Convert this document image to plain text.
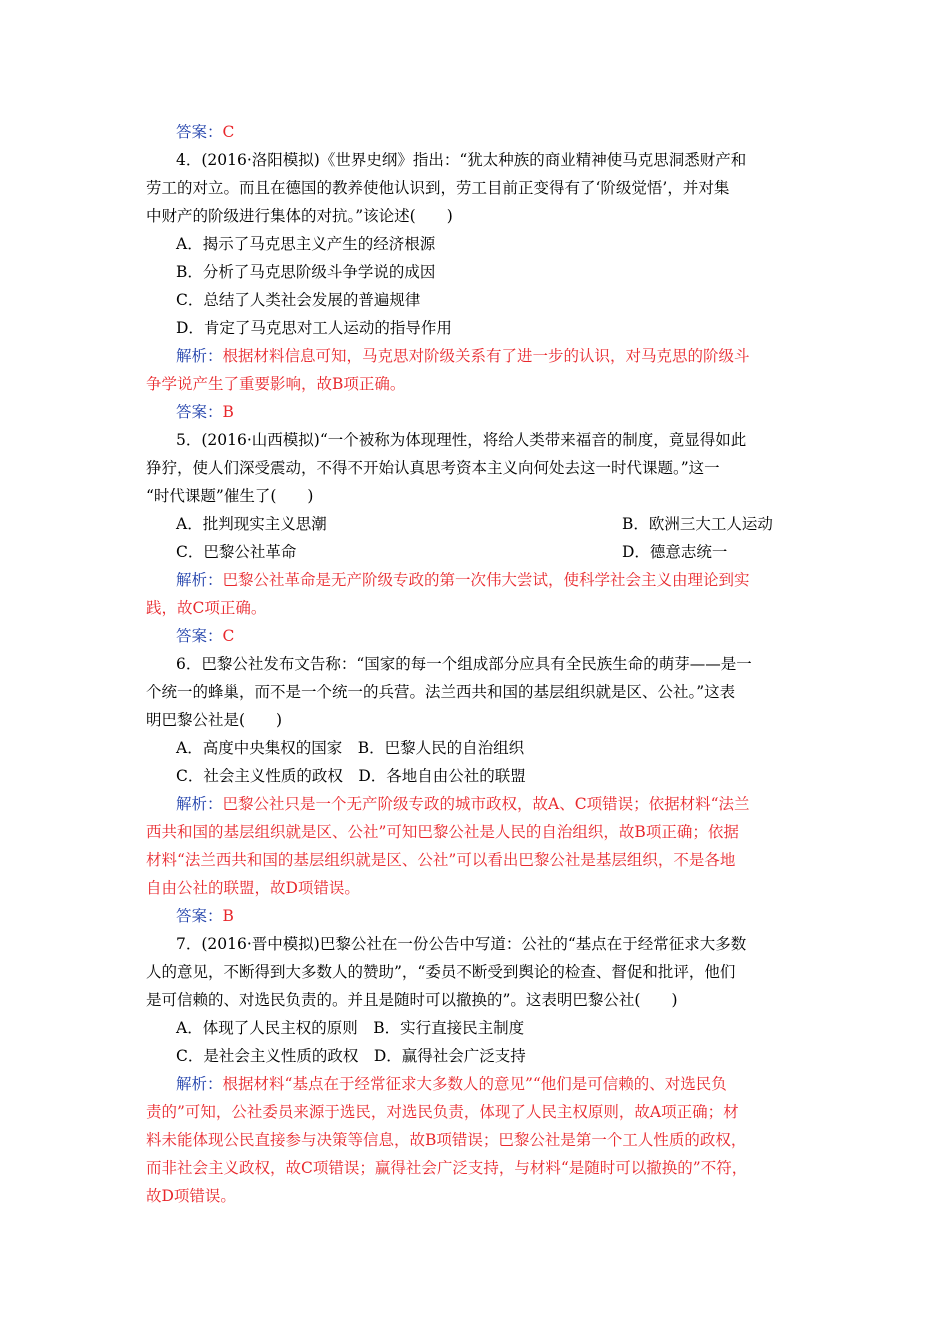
答案：C
4．(2016·洛阳模拟)《世界史纲》指出：“犹太种族的商业精神使马克思洞悉财产和
劳工的对立。而且在德国的教养使他认识到，劳工目前正变得有了‘阶级觉悟’，并对集
中财产的阶级进行集体的对抗。”该论述(　　)
A．揭示了马克思主义产生的经济根源
B．分析了马克思阶级斗争学说的成因
C．总结了人类社会发展的普遍规律
D．肯定了马克思对工人运动的指导作用
解析：根据材料信息可知，马克思对阶级关系有了进一步的认识，对马克思的阶级斗
争学说产生了重要影响，故B项正确。
答案：B
5．(2016·山西模拟)“一个被称为体现理性，将给人类带来福音的制度，竟显得如此
狰狞，使人们深受震动，不得不开始认真思考资本主义向何处去这一时代课题。”这一
“时代课题”催生了(　　)
A．批判现实主义思潮	B．欧洲三大工人运动
C．巴黎公社革命	D．德意志统一
解析：巴黎公社革命是无产阶级专政的第一次伟大尝试，使科学社会主义由理论到实
践，故C项正确。
答案：C
6．巴黎公社发布文告称：“国家的每一个组成部分应具有全民族生命的萌芽——是一
个统一的蜂巢，而不是一个统一的兵营。法兰西共和国的基层组织就是区、公社。”这表
明巴黎公社是(　　)
A．高度中央集权的国家　B．巴黎人民的自治组织
C．社会主义性质的政权　D．各地自由公社的联盟
解析：巴黎公社只是一个无产阶级专政的城市政权，故A、C项错误；依据材料“法兰
西共和国的基层组织就是区、公社”可知巴黎公社是人民的自治组织，故B项正确；依据
材料“法兰西共和国的基层组织就是区、公社”可以看出巴黎公社是基层组织，不是各地
自由公社的联盟，故D项错误。
答案：B
7．(2016·晋中模拟)巴黎公社在一份公告中写道：公社的“基点在于经常征求大多数
人的意见，不断得到大多数人的赞助”，“委员不断受到舆论的检查、督促和批评，他们
是可信赖的、对选民负责的。并且是随时可以撤换的”。这表明巴黎公社(　　)
A．体现了人民主权的原则　B．实行直接民主制度
C．是社会主义性质的政权　D．赢得社会广泛支持
解析：根据材料“基点在于经常征求大多数人的意见”“他们是可信赖的、对选民负
责的”可知，公社委员来源于选民，对选民负责，体现了人民主权原则，故A项正确；材
料未能体现公民直接参与决策等信息，故B项错误；巴黎公社是第一个工人性质的政权，
而非社会主义政权，故C项错误；赢得社会广泛支持，与材料“是随时可以撤换的”不符，
故D项错误。
